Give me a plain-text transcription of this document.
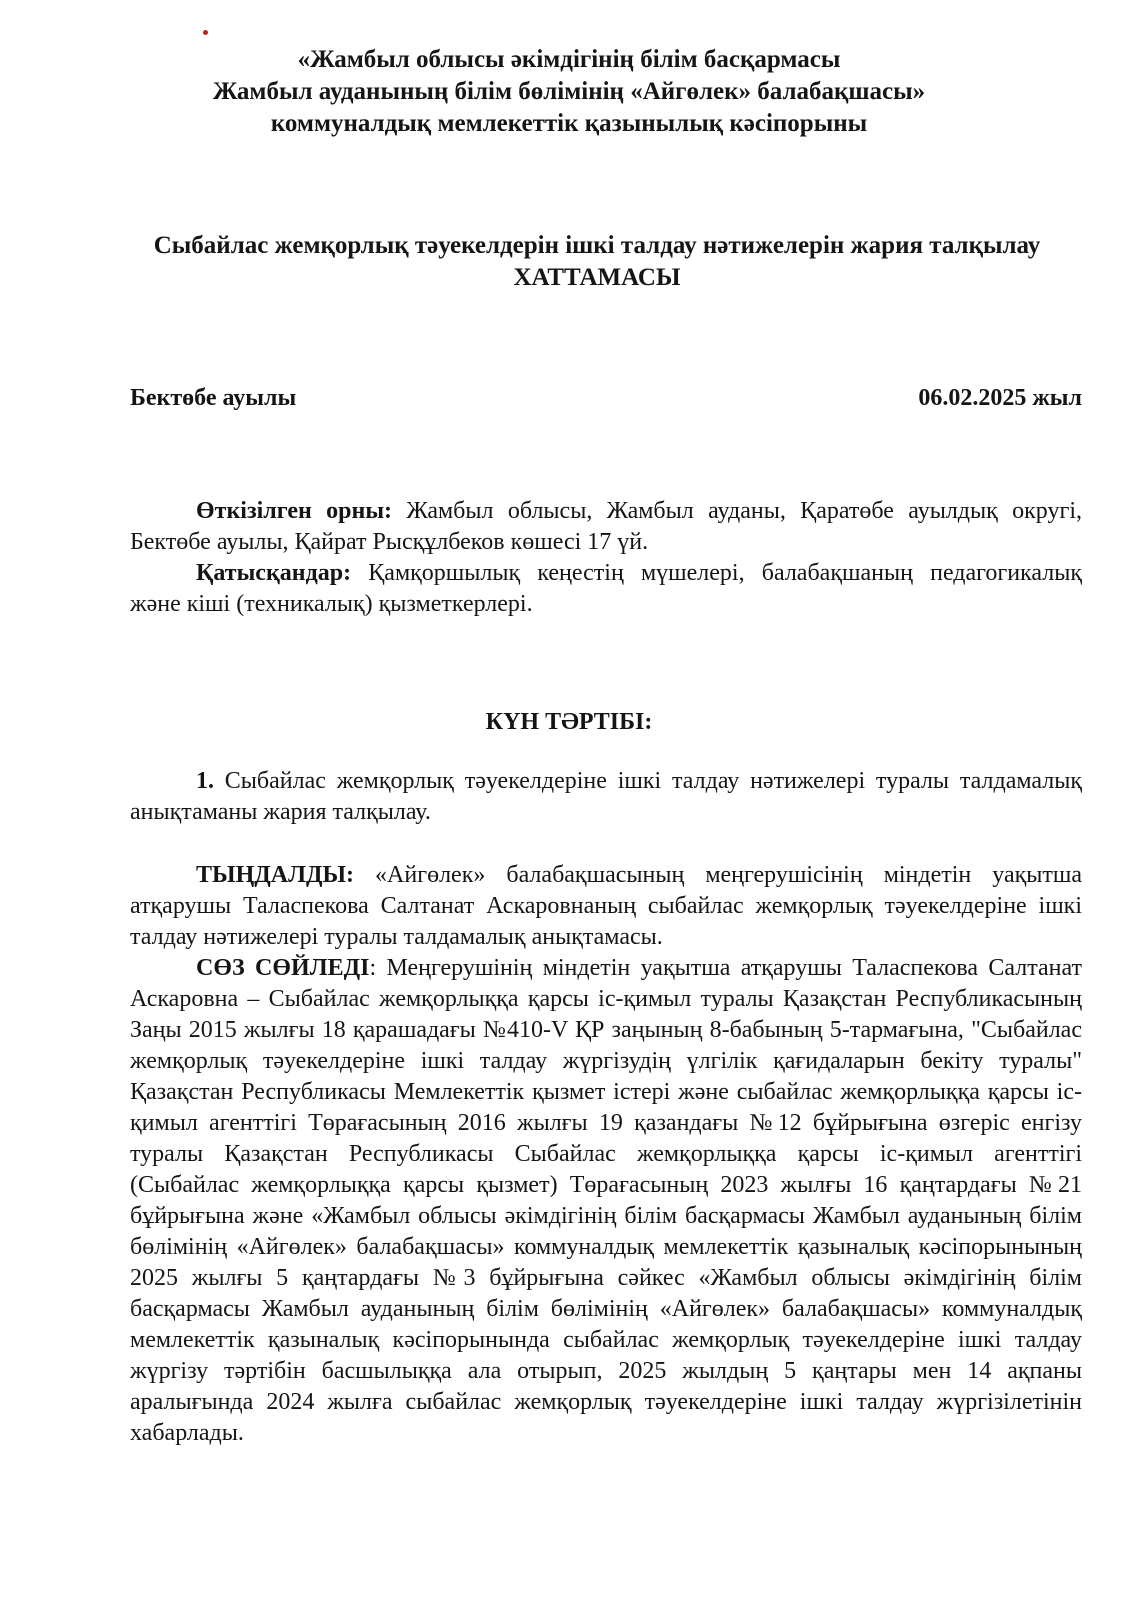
«Жамбыл облысы әкімдігінің білім басқармасы
Жамбыл ауданының білім бөлімінің «Айгөлек» балабақшасы»
коммуналдық мемлекеттік қазынылық кәсіпорыны
Сыбайлас жемқорлық тәуекелдерін ішкі талдау нәтижелерін жария талқылау
ХАТТАМАСЫ
Бектөбе ауылы	06.02.2025 жыл

Өткізілген орны: Жамбыл облысы, Жамбыл ауданы, Қаратөбе ауылдық округі, Бектөбе ауылы, Қайрат Рысқұлбеков көшесі 17 үй.

Қатысқандар: Қамқоршылық кеңестің мүшелері, балабақшаның педагогикалық және кіші (техникалық) қызметкерлері.

КҮН ТӘРТІБІ:

1. Сыбайлас жемқорлық тәуекелдеріне ішкі талдау нәтижелері туралы талдамалық анықтаманы жария талқылау.

ТЫҢДАЛДЫ: «Айгөлек» балабақшасының меңгерушісінің міндетін уақытша атқарушы Таласпекова Салтанат Аскаровнаның сыбайлас жемқорлық тәуекелдеріне ішкі талдау нәтижелері туралы талдамалық анықтамасы.

СӨЗ СӨЙЛЕДІ: Меңгерушінің міндетін уақытша атқарушы Таласпекова Салтанат Аскаровна – Сыбайлас жемқорлыққа қарсы іс-қимыл туралы Қазақстан Республикасының Заңы 2015 жылғы 18 қарашадағы №410-V ҚР заңының 8-бабының 5-тармағына, "Сыбайлас жемқорлық тәуекелдеріне ішкі талдау жүргізудің үлгілік қағидаларын бекіту туралы" Қазақстан Республикасы Мемлекеттік қызмет істері және сыбайлас жемқорлыққа қарсы іс-қимыл агенттігі Төрағасының 2016 жылғы 19 қазандағы №12 бұйрығына өзгеріс енгізу туралы Қазақстан Республикасы Сыбайлас жемқорлыққа қарсы іс-қимыл агенттігі (Сыбайлас жемқорлыққа қарсы қызмет) Төрағасының 2023 жылғы 16 қаңтардағы №21 бұйрығына және «Жамбыл облысы әкімдігінің білім басқармасы Жамбыл ауданының білім бөлімінің «Айгөлек» балабақшасы» коммуналдық мемлекеттік қазыналық кәсіпорынының 2025 жылғы 5 қаңтардағы №3 бұйрығына сәйкес «Жамбыл облысы әкімдігінің білім басқармасы Жамбыл ауданының білім бөлімінің «Айгөлек» балабақшасы» коммуналдық мемлекеттік қазыналық кәсіпорынында сыбайлас жемқорлық тәуекелдеріне ішкі талдау жүргізу тәртібін басшылыққа ала отырып, 2025 жылдың 5 қаңтары мен 14 ақпаны аралығында 2024 жылға сыбайлас жемқорлық тәуекелдеріне ішкі талдау жүргізілетінін хабарлады.
